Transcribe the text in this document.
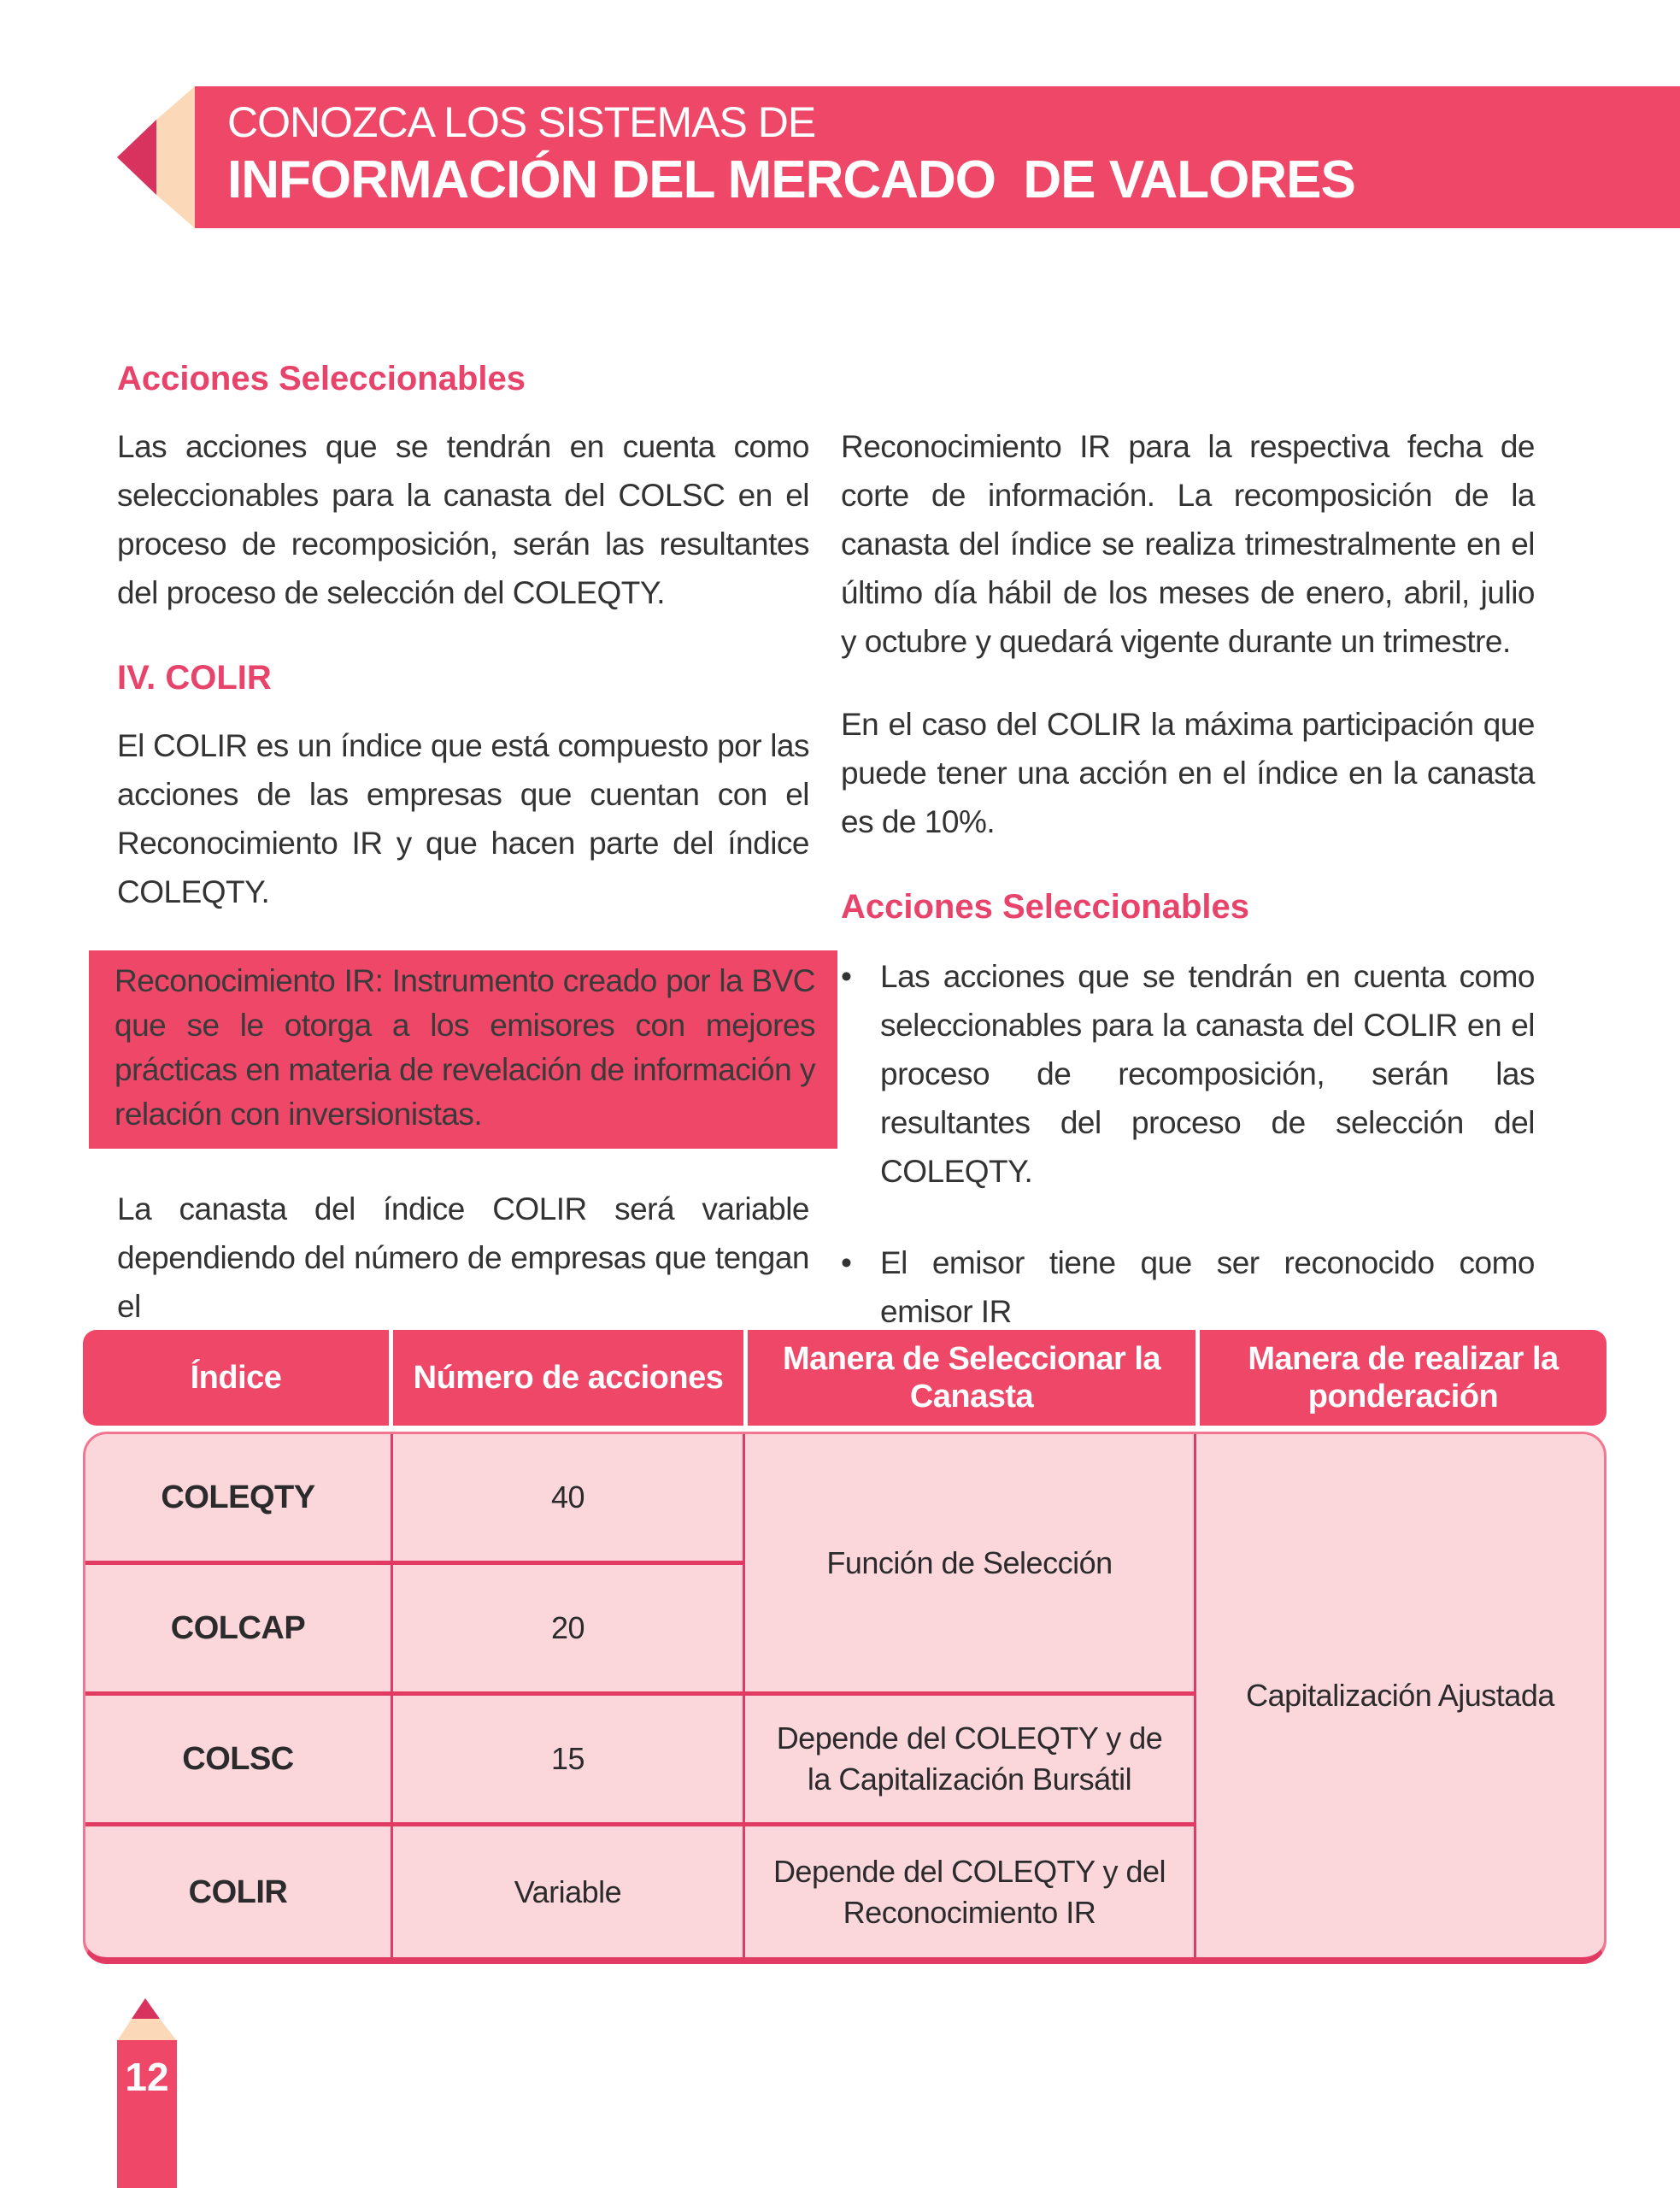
CONOZCA LOS SISTEMAS DE
INFORMACIÓN DEL MERCADO  DE VALORES
Acciones Seleccionables
Las acciones que se tendrán en cuenta como seleccionables para la canasta del COLSC en el proceso de recomposición, serán las resultantes del proceso de selección del COLEQTY.
IV. COLIR
El COLIR es un índice que está compuesto por las acciones de las empresas que cuentan con el Reconocimiento IR y que hacen parte del índice COLEQTY.
Reconocimiento IR: Instrumento creado por la BVC que se le otorga a los emisores con mejores prácticas en materia de revelación de información y relación con inversionistas.
La canasta del índice COLIR será variable dependiendo del número de empresas que tengan el
Reconocimiento IR para la respectiva fecha de corte de información. La recomposición de la canasta del índice se realiza trimestralmente en el último día hábil de los meses de enero, abril, julio y octubre y quedará vigente durante un trimestre.
En el caso del COLIR la máxima participación que puede tener una acción en el índice en la canasta es de 10%.
Acciones Seleccionables
• Las acciones que se tendrán en cuenta como seleccionables para la canasta del COLIR en el proceso de recomposición, serán las resultantes del proceso de selección del COLEQTY.
• El emisor tiene que ser reconocido como emisor IR
Índice	Número de acciones
Manera de Seleccionar la Canasta
Manera de realizar la ponderación
COLEQTY
COLCAP
COLSC
COLIR
40
20
15
Variable
Función de Selección
Depende del COLEQTY y de la Capitalización Bursátil
Depende del COLEQTY y del Reconocimiento IR
Capitalización Ajustada
12
